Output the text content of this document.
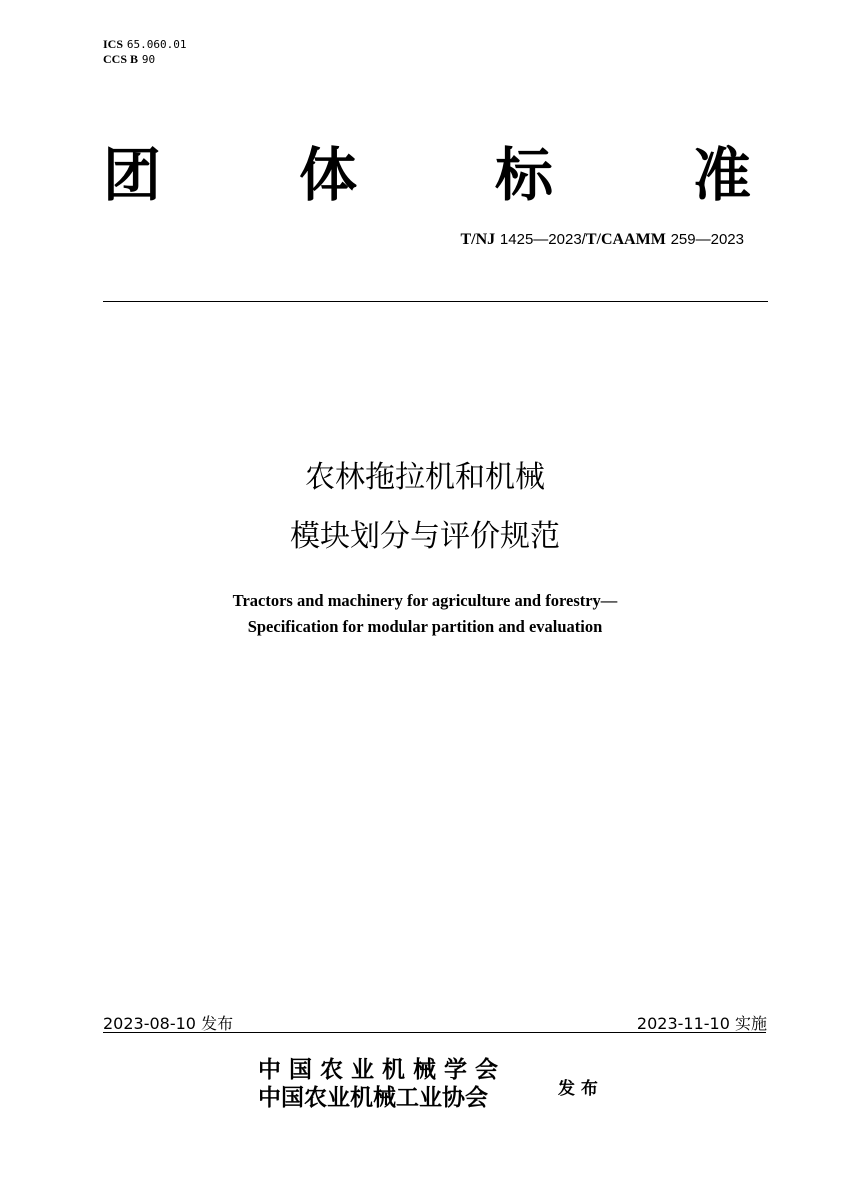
ICS 65.060.01
CCS B 90
团 体 标 准
T/NJ 1425—2023/T/CAAMM 259—2023
农林拖拉机和机械
模块划分与评价规范
Tractors and machinery for agriculture and forestry—
Specification for modular partition and evaluation
2023-08-10 发布	2023-11-10 实施
中 国 农 业 机 械 学 会
中国农业机械工业协会	发 布
